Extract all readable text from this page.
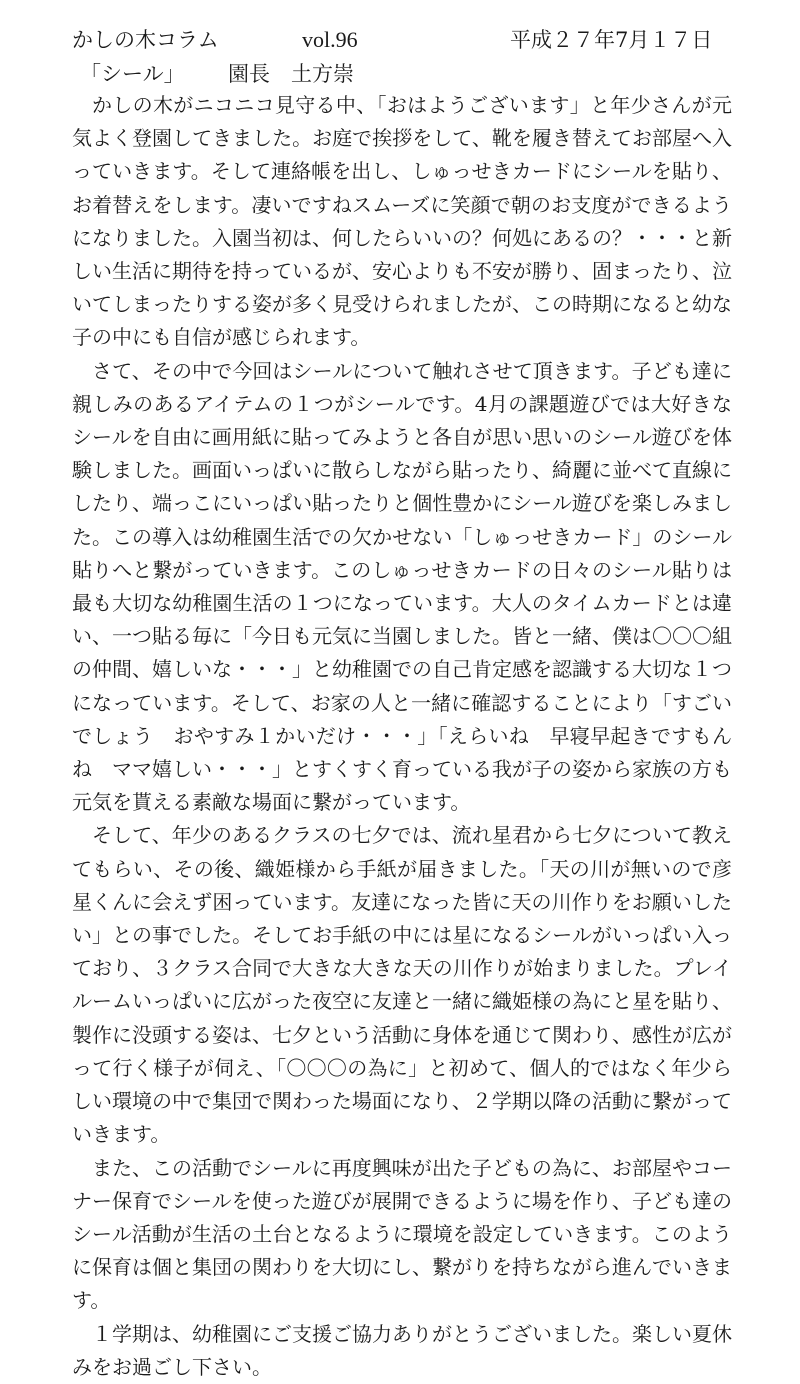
かしの木コラム	vol.96	平成２７年7月１７日
「シール」 園長　土方崇

かしの木がニコニコ見守る中、「おはようございます」と年少さんが元気よく登園してきました。お庭で挨拶をして、靴を履き替えてお部屋へ入っていきます。そして連絡帳を出し、しゅっせきカードにシールを貼り、お着替えをします。凄いですねスムーズに笑顔で朝のお支度ができるようになりました。入園当初は、何したらいいの？何処にあるの？・・・と新しい生活に期待を持っているが、安心よりも不安が勝り、固まったり、泣いてしまったりする姿が多く見受けられましたが、この時期になると幼な子の中にも自信が感じられます。

さて、その中で今回はシールについて触れさせて頂きます。子ども達に親しみのあるアイテムの１つがシールです。4月の課題遊びでは大好きなシールを自由に画用紙に貼ってみようと各自が思い思いのシール遊びを体験しました。画面いっぱいに散らしながら貼ったり、綺麗に並べて直線にしたり、端っこにいっぱい貼ったりと個性豊かにシール遊びを楽しみました。この導入は幼稚園生活での欠かせない「しゅっせきカード」のシール貼りへと繋がっていきます。このしゅっせきカードの日々のシール貼りは最も大切な幼稚園生活の１つになっています。大人のタイムカードとは違い、一つ貼る毎に「今日も元気に当園しました。皆と一緒、僕は〇〇〇組の仲間、嬉しいな・・・」と幼稚園での自己肯定感を認識する大切な１つになっています。そして、お家の人と一緒に確認することにより「すごいでしょう　おやすみ１かいだけ・・・」「えらいね　早寝早起きですもんね　ママ嬉しい・・・」とすくすく育っている我が子の姿から家族の方も元気を貰える素敵な場面に繋がっています。

そして、年少のあるクラスの七夕では、流れ星君から七夕について教えてもらい、その後、織姫様から手紙が届きました。「天の川が無いので彦星くんに会えず困っています。友達になった皆に天の川作りをお願いしたい」との事でした。そしてお手紙の中には星になるシールがいっぱい入っており、３クラス合同で大きな大きな天の川作りが始まりました。プレイルームいっぱいに広がった夜空に友達と一緒に織姫様の為にと星を貼り、製作に没頭する姿は、七夕という活動に身体を通じて関わり、感性が広がって行く様子が伺え、「〇〇〇の為に」と初めて、個人的ではなく年少らしい環境の中で集団で関わった場面になり、２学期以降の活動に繋がっていきます。

また、この活動でシールに再度興味が出た子どもの為に、お部屋やコーナー保育でシールを使った遊びが展開できるように場を作り、子ども達のシール活動が生活の土台となるように環境を設定していきます。このように保育は個と集団の関わりを大切にし、繋がりを持ちながら進んでいきます。

１学期は、幼稚園にご支援ご協力ありがとうございました。楽しい夏休みをお過ごし下さい。
